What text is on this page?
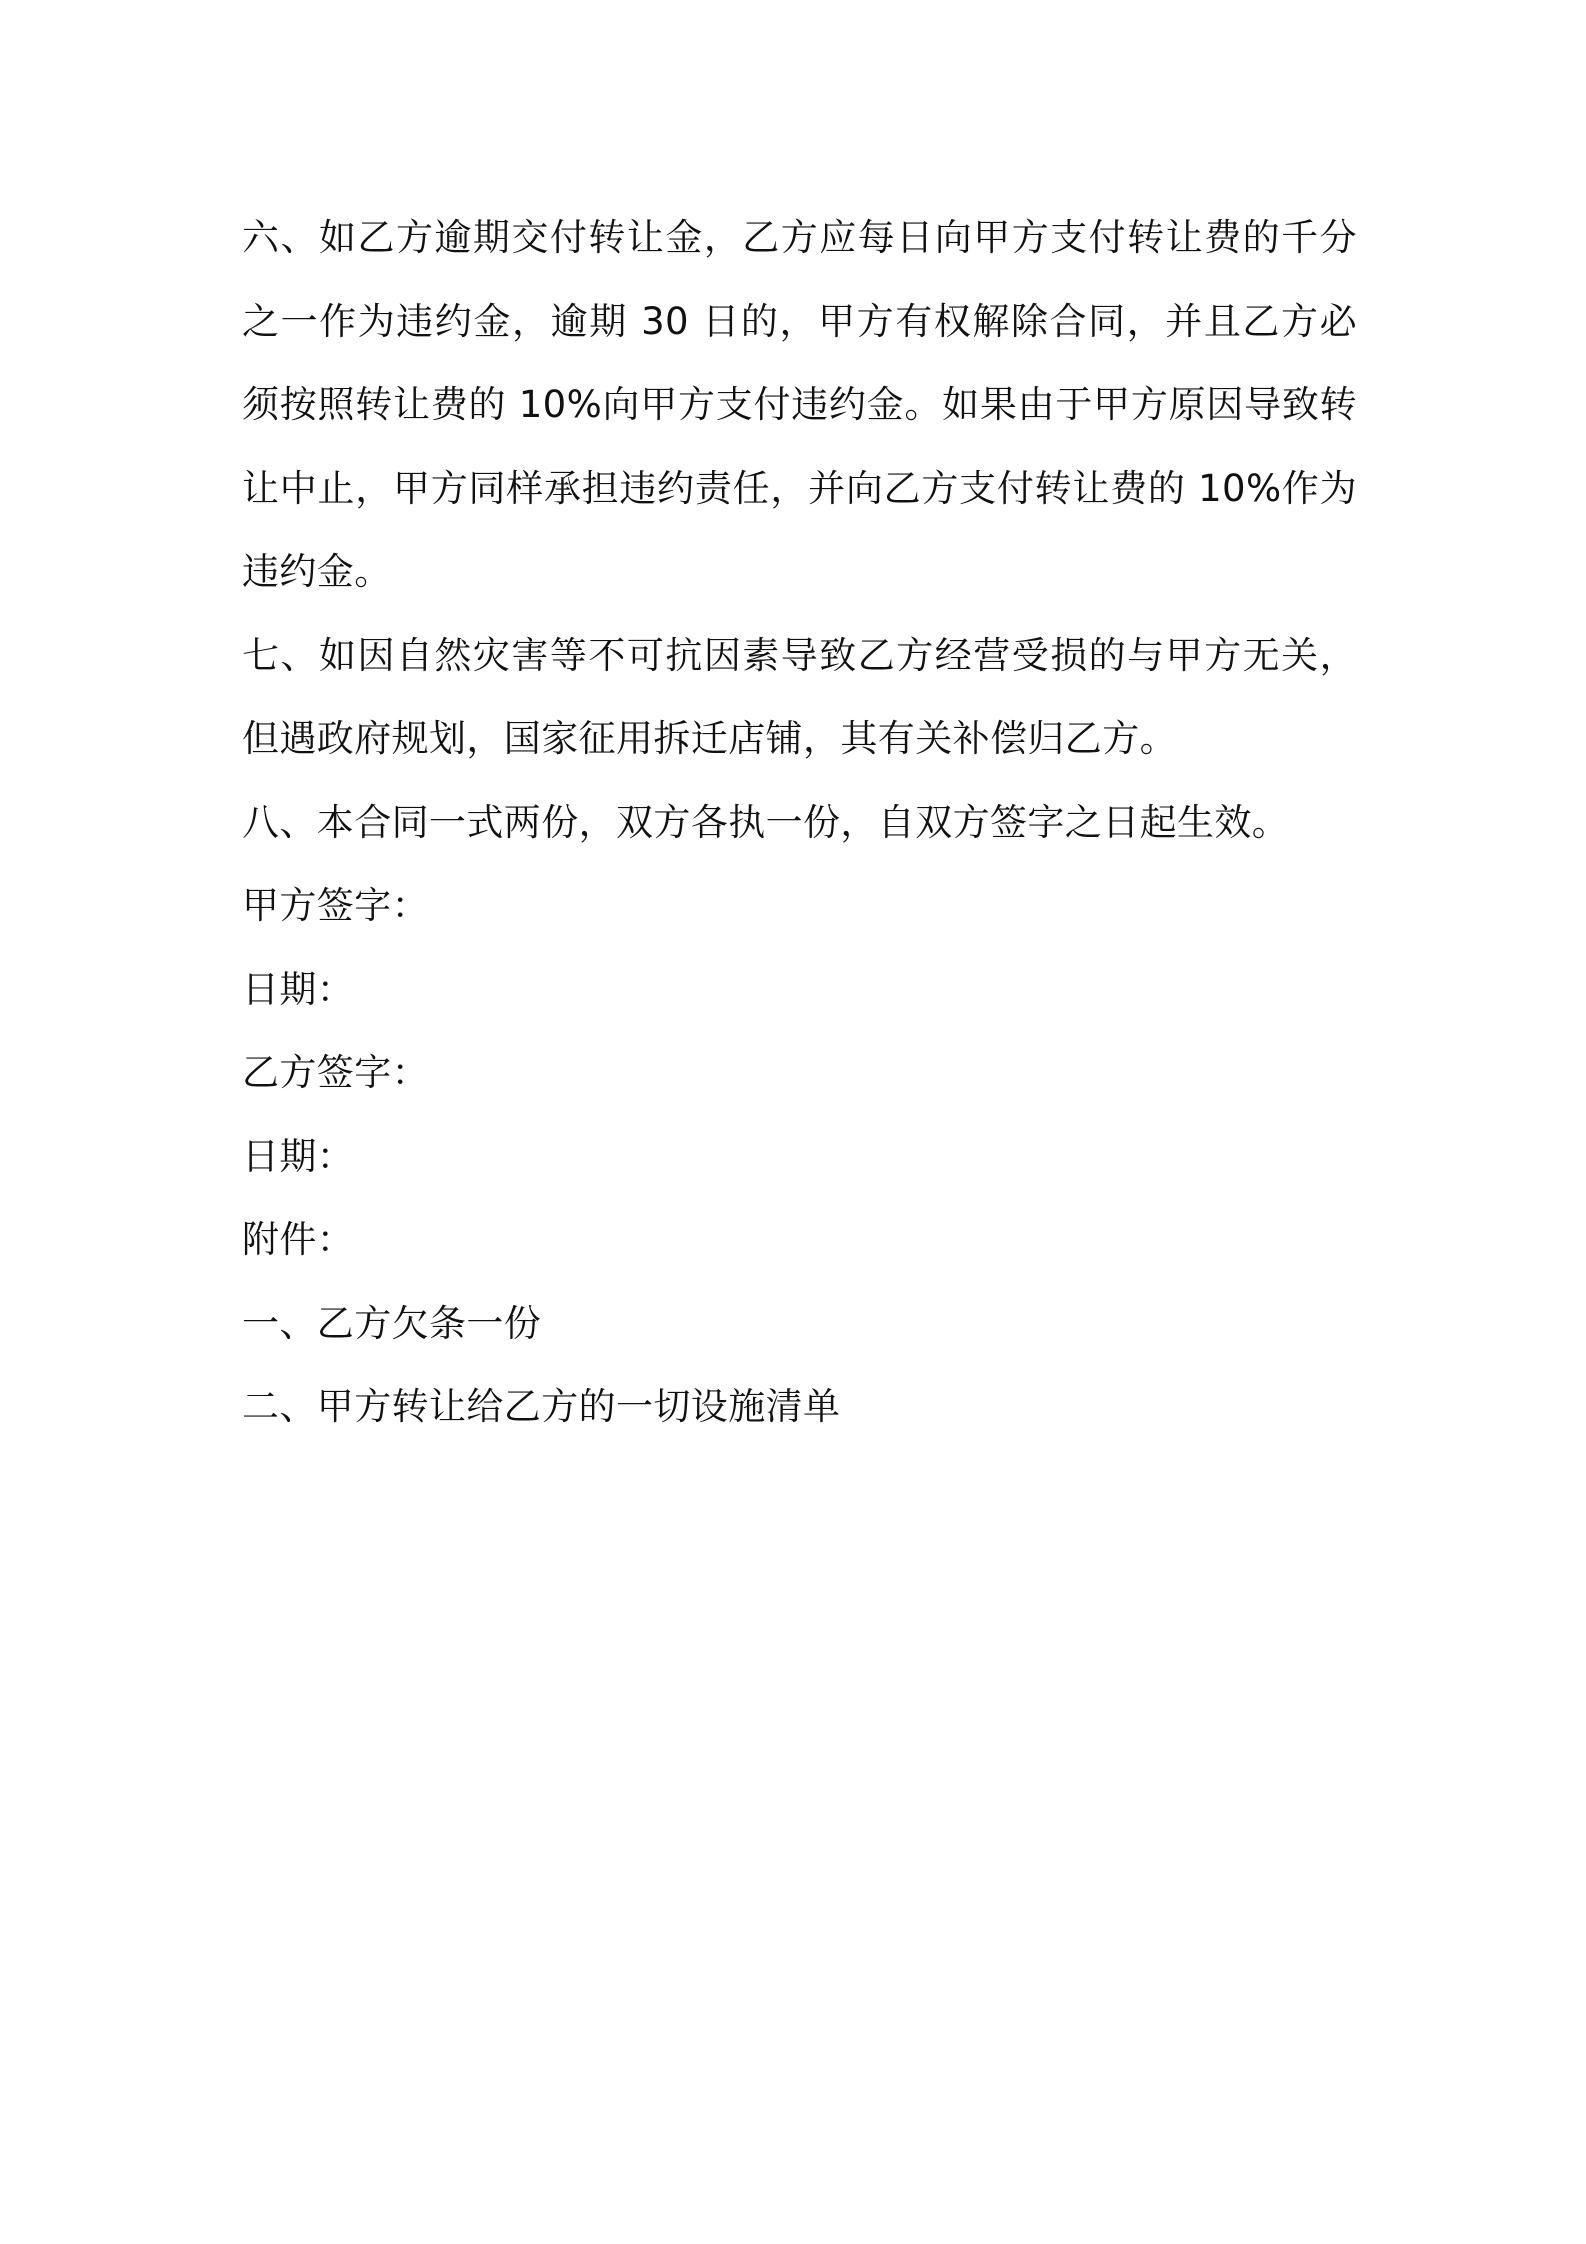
六、如乙方逾期交付转让金，乙方应每日向甲方支付转让费的千分之一作为违约金，逾期 30 日的，甲方有权解除合同，并且乙方必须按照转让费的 10%向甲方支付违约金。如果由于甲方原因导致转让中止，甲方同样承担违约责任，并向乙方支付转让费的 10%作为违约金。

七、如因自然灾害等不可抗因素导致乙方经营受损的与甲方无关，但遇政府规划，国家征用拆迁店铺，其有关补偿归乙方。

八、本合同一式两份，双方各执一份，自双方签字之日起生效。

甲方签字：

日期：

乙方签字：

日期：

附件：

一、乙方欠条一份

二、甲方转让给乙方的一切设施清单
